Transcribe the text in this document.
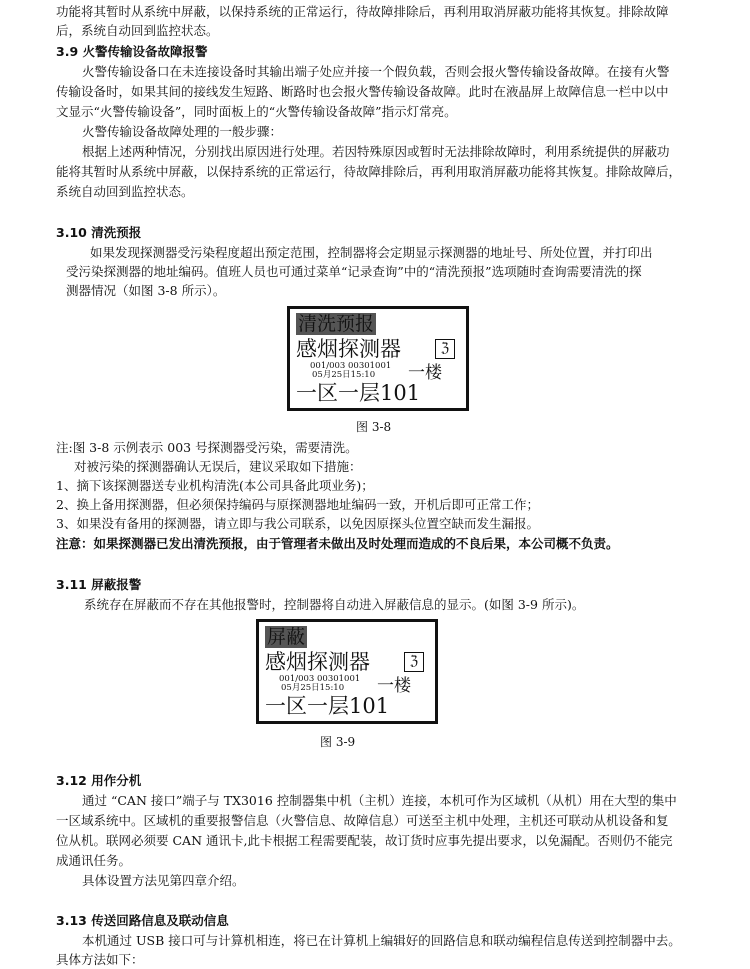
功能将其暂时从系统中屏蔽，以保持系统的正常运行，待故障排除后，再利用取消屏蔽功能将其恢复。排除故障
后，系统自动回到监控状态。
3.9 火警传输设备故障报警
火警传输设备口在未连接设备时其输出端子处应并接一个假负载，否则会报火警传输设备故障。在接有火警
传输设备时，如果其间的接线发生短路、断路时也会报火警传输设备故障。此时在液晶屏上故障信息一栏中以中
文显示“火警传输设备”，同时面板上的“火警传输设备故障”指示灯常亮。
火警传输设备故障处理的一般步骤：
根据上述两种情况，分别找出原因进行处理。若因特殊原因或暂时无法排除故障时，利用系统提供的屏蔽功
能将其暂时从系统中屏蔽，以保持系统的正常运行，待故障排除后，再利用取消屏蔽功能将其恢复。排除故障后，
系统自动回到监控状态。
3.10 清洗预报
如果发现探测器受污染程度超出预定范围，控制器将会定期显示探测器的地址号、所处位置，并打印出
受污染探测器的地址编码。值班人员也可通过菜单“记录查询”中的“清洗预报”选项随时查询需要清洗的探
测器情况（如图 3-8 所示）。
清洗预报
感烟探测器	ℨ
001/003 00301001
05月25日15:10 一楼
一区一层101
图 3-8
注:图 3-8 示例表示 003 号探测器受污染，需要清洗。
对被污染的探测器确认无误后，建议采取如下措施：
1、摘下该探测器送专业机构清洗(本公司具备此项业务)；
2、换上备用探测器，但必须保持编码与原探测器地址编码一致，开机后即可正常工作；
3、如果没有备用的探测器，请立即与我公司联系，以免因原探头位置空缺而发生漏报。
注意：如果探测器已发出清洗预报，由于管理者未做出及时处理而造成的不良后果，本公司概不负责。
3.11 屏蔽报警
系统存在屏蔽而不存在其他报警时，控制器将自动进入屏蔽信息的显示。(如图 3-9 所示)。
屏蔽
感烟探测器	ℨ
001/003 00301001
05月25日15:10 一楼
一区一层101
图 3-9
3.12 用作分机
通过 “CAN 接口”端子与 TX3016 控制器集中机（主机）连接，本机可作为区域机（从机）用在大型的集中
一区域系统中。区域机的重要报警信息（火警信息、故障信息）可送至主机中处理，主机还可联动从机设备和复
位从机。联网必须要 CAN 通讯卡,此卡根据工程需要配装，故订货时应事先提出要求，以免漏配。否则仍不能完
成通讯任务。
具体设置方法见第四章介绍。
3.13 传送回路信息及联动信息
本机通过 USB 接口可与计算机相连，将已在计算机上编辑好的回路信息和联动编程信息传送到控制器中去。
具体方法如下：
